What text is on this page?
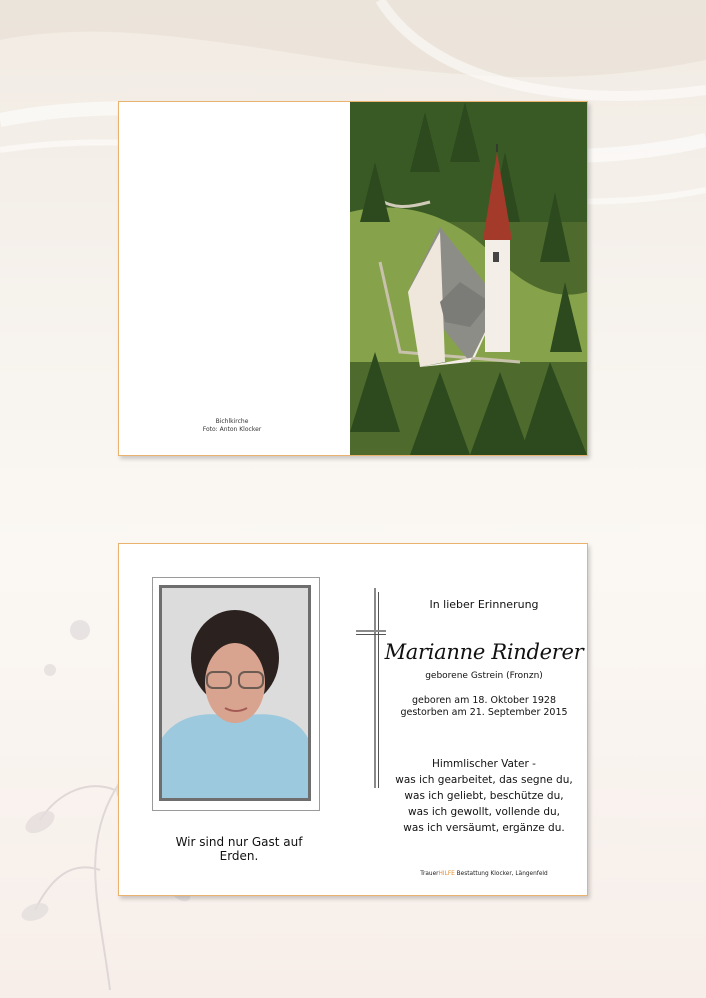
Bichlkirche
Foto: Anton Klocker
Wir sind nur Gast auf Erden.
In lieber Erinnerung
Marianne Rinderer
geborene Gstrein (Fronzn)
geboren am 18. Oktober 1928
gestorben am 21. September 2015
Himmlischer Vater -
was ich gearbeitet, das segne du,
was ich geliebt, beschütze du,
was ich gewollt, vollende du,
was ich versäumt, ergänze du.
TrauerHILFE Bestattung Klocker, Längenfeld
